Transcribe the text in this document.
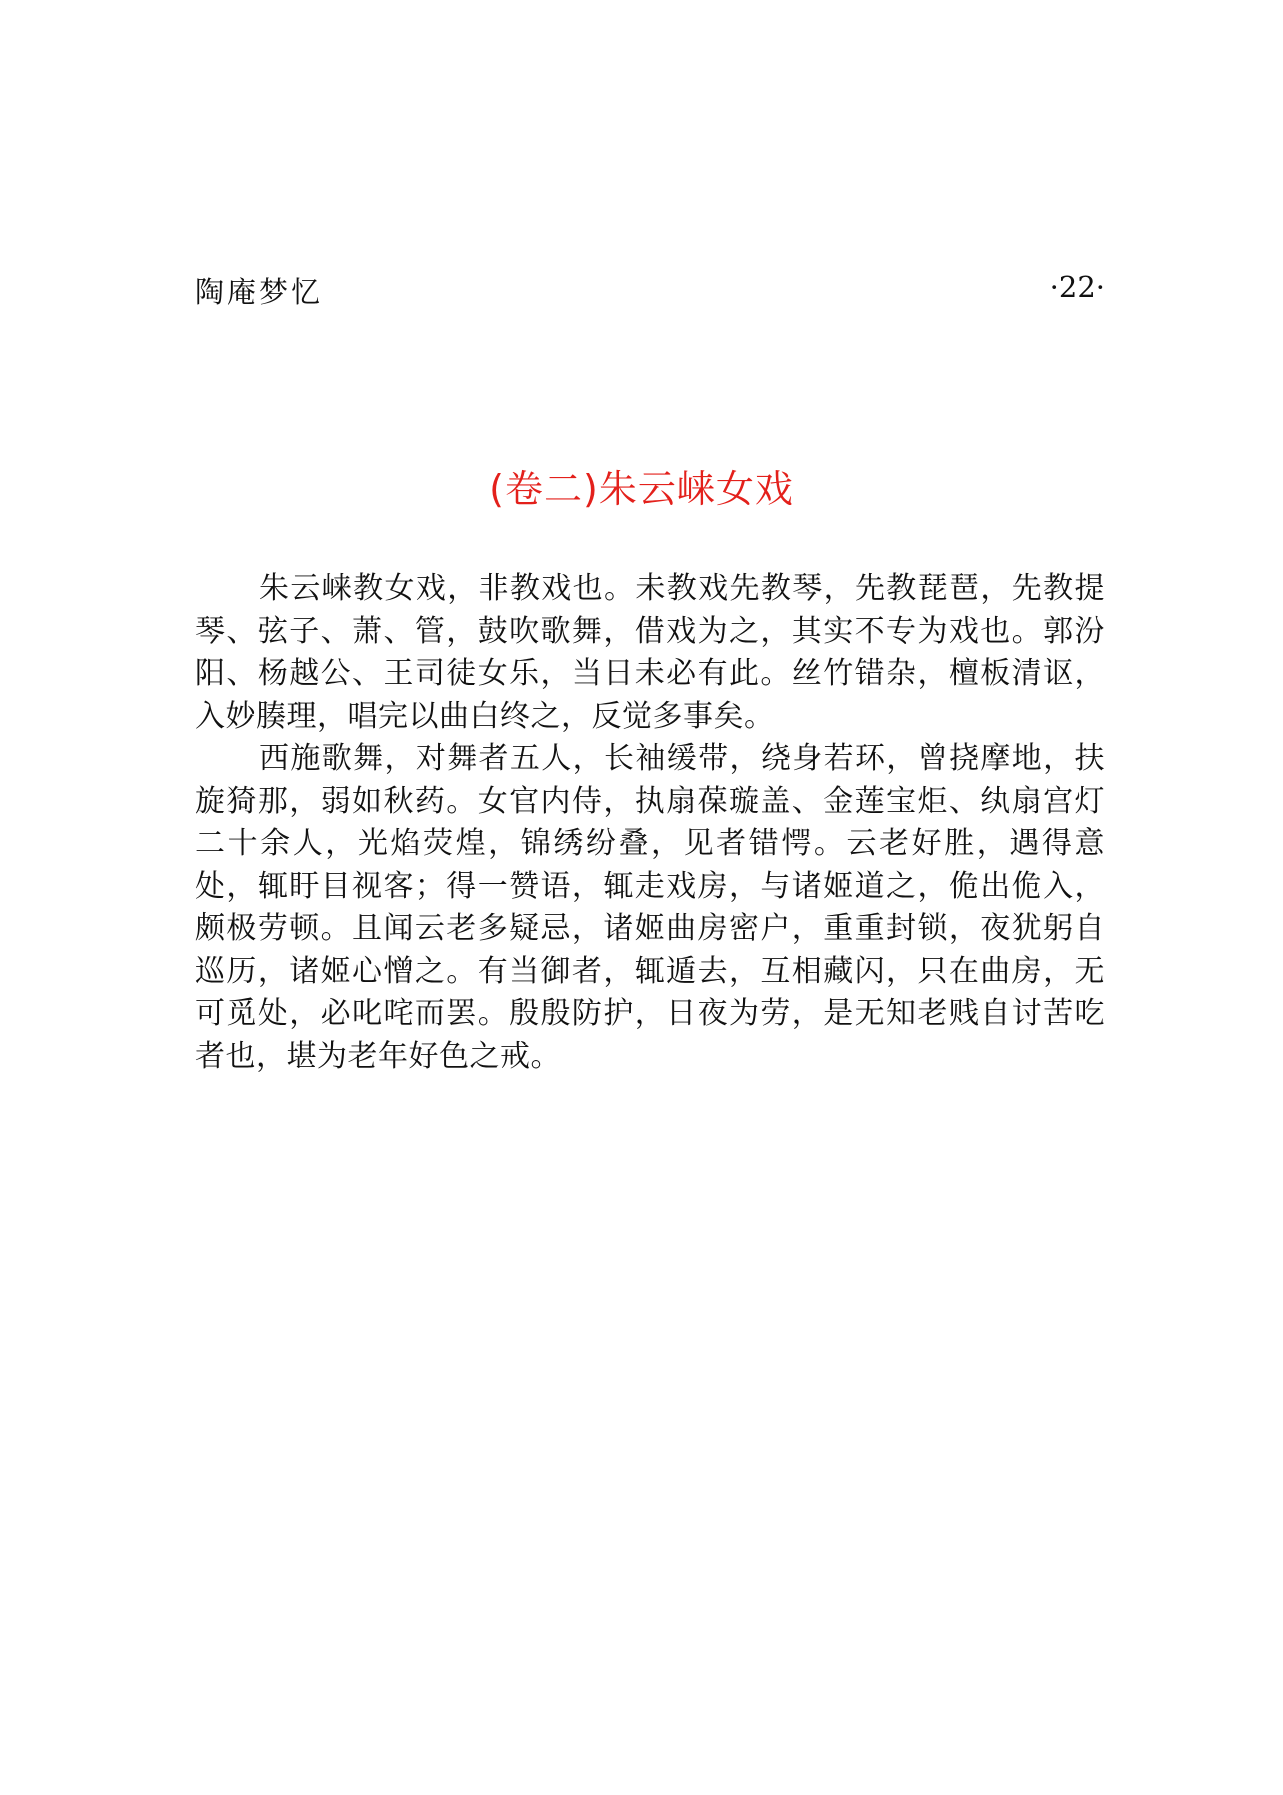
陶庵梦忆	·22·
(卷二)朱云崃女戏

朱云崃教女戏，非教戏也。未教戏先教琴，先教琵琶，先教提琴、弦子、萧、管，鼓吹歌舞，借戏为之，其实不专为戏也。郭汾阳、杨越公、王司徒女乐，当日未必有此。丝竹错杂，檀板清讴，入妙腠理，唱完以曲白终之，反觉多事矣。

西施歌舞，对舞者五人，长袖缓带，绕身若环，曾挠摩地，扶旋猗那，弱如秋药。女官内侍，执扇葆璇盖、金莲宝炬、纨扇宫灯二十余人，光焰荧煌，锦绣纷叠，见者错愕。云老好胜，遇得意处，辄盱目视客；得一赞语，辄走戏房，与诸姬道之，佹出佹入，颇极劳顿。且闻云老多疑忌，诸姬曲房密户，重重封锁，夜犹躬自巡历，诸姬心憎之。有当御者，辄遁去，互相藏闪，只在曲房，无可觅处，必叱咤而罢。殷殷防护，日夜为劳，是无知老贱自讨苦吃者也，堪为老年好色之戒。
